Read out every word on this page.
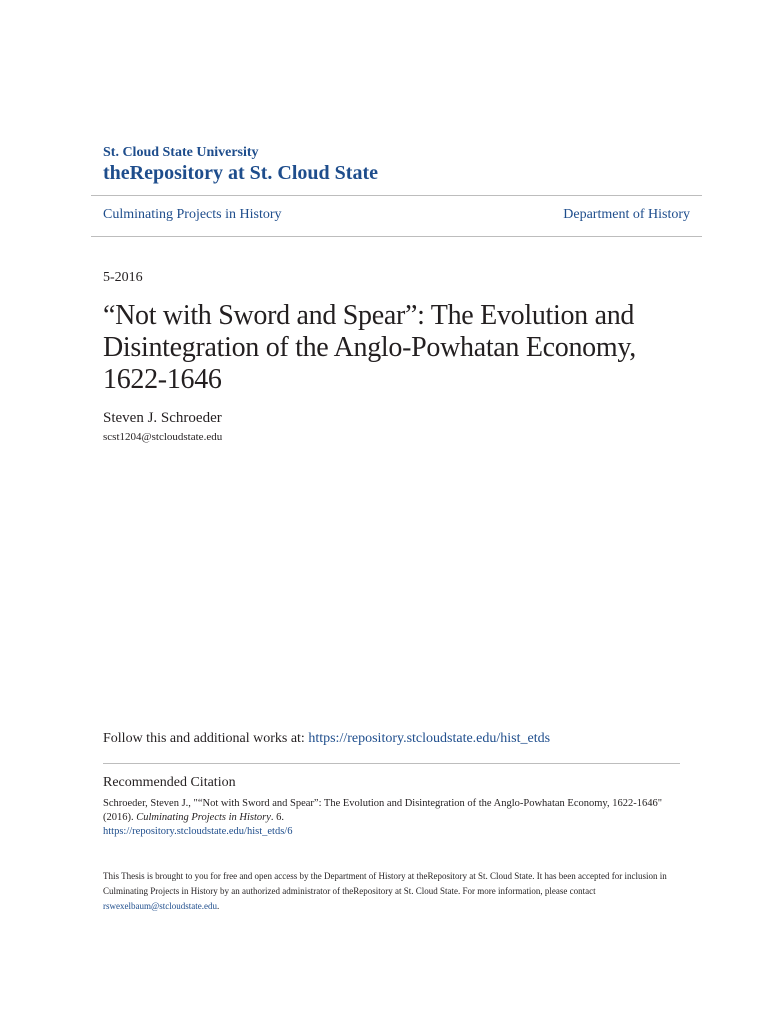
St. Cloud State University
theRepository at St. Cloud State
Culminating Projects in History	Department of History
5-2016
“Not with Sword and Spear”: The Evolution and Disintegration of the Anglo-Powhatan Economy, 1622-1646
Steven J. Schroeder
scst1204@stcloudstate.edu
Follow this and additional works at: https://repository.stcloudstate.edu/hist_etds
Recommended Citation
Schroeder, Steven J., "“Not with Sword and Spear”: The Evolution and Disintegration of the Anglo-Powhatan Economy, 1622-1646" (2016). Culminating Projects in History. 6.
https://repository.stcloudstate.edu/hist_etds/6
This Thesis is brought to you for free and open access by the Department of History at theRepository at St. Cloud State. It has been accepted for inclusion in Culminating Projects in History by an authorized administrator of theRepository at St. Cloud State. For more information, please contact
rswexelbaum@stcloudstate.edu.
